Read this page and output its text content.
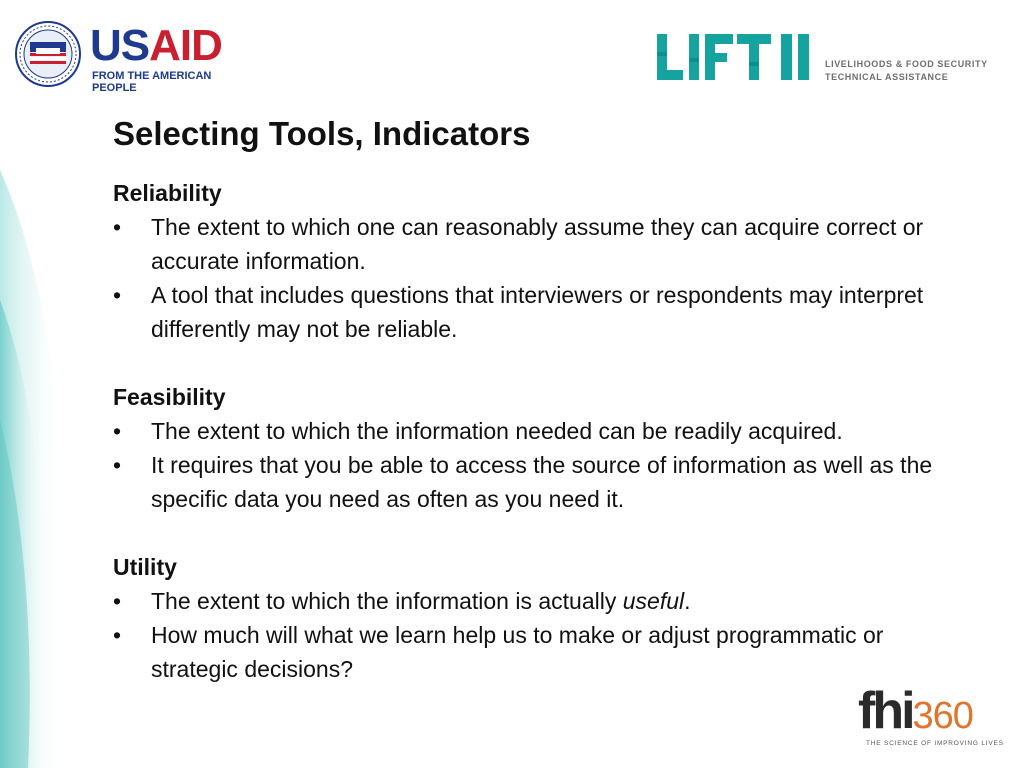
USAID
FROM THE AMERICAN PEOPLE
LIVELIHOODS & FOOD SECURITY
TECHNICAL ASSISTANCE
Selecting Tools, Indicators

Reliability

•	The extent to which one can reasonably assume they can acquire correct or accurate information.
•	A tool that includes questions that interviewers or respondents may interpret differently may not be reliable.

Feasibility

•	The extent to which the information needed can be readily acquired.
•	It requires that you be able to access the source of information as well as the specific data you need as often as you need it.

Utility

•	The extent to which the information is actually useful.
•	How much will what we learn help us to make or adjust programmatic or strategic decisions?
fhi360
THE SCIENCE OF IMPROVING LIVES
